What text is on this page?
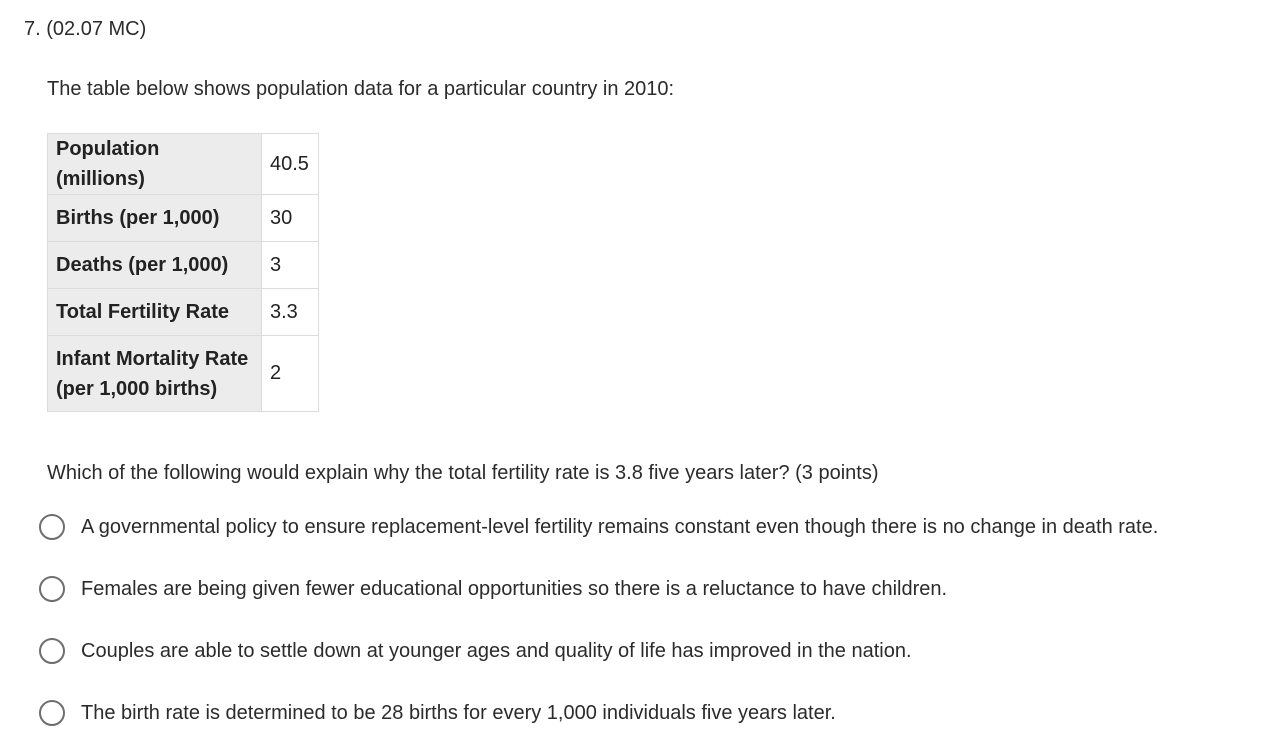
7. (02.07 MC)
The table below shows population data for a particular country in 2010:
Population (millions)	40.5
Births (per 1,000)	30
Deaths (per 1,000)	3
Total Fertility Rate	3.3
Infant Mortality Rate (per 1,000 births)	2
Which of the following would explain why the total fertility rate is 3.8 five years later? (3 points)
A governmental policy to ensure replacement-level fertility remains constant even though there is no change in death rate.
Females are being given fewer educational opportunities so there is a reluctance to have children.
Couples are able to settle down at younger ages and quality of life has improved in the nation.
The birth rate is determined to be 28 births for every 1,000 individuals five years later.
